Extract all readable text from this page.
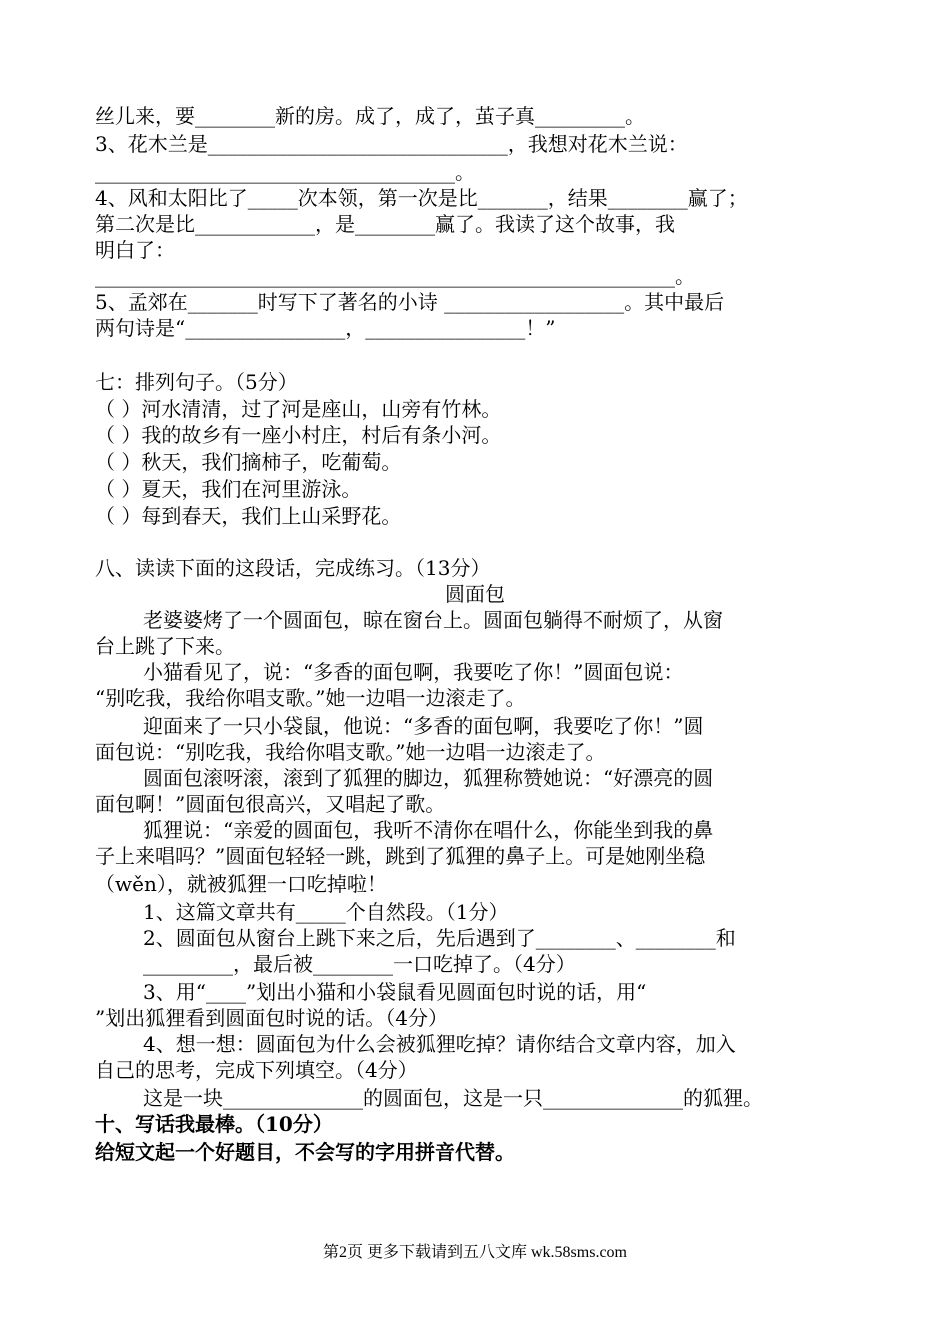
丝儿来，要________新的房。成了，成了，茧子真_________。
3、花木兰是______________________________，我想对花木兰说：
____________________________________。
4、风和太阳比了_____次本领，第一次是比_______，结果________赢了；
第二次是比____________，是________赢了。我读了这个故事，我
明白了：
__________________________________________________________。
5、孟郊在_______时写下了著名的小诗 __________________。其中最后
两句诗是“________________，________________！”
七：排列句子。（5分）
（ ）河水清清，过了河是座山，山旁有竹林。
（ ）我的故乡有一座小村庄，村后有条小河。
（ ）秋天，我们摘柿子，吃葡萄。
（ ）夏天，我们在河里游泳。
（ ）每到春天，我们上山采野花。
八、读读下面的这段话，完成练习。（13分）
圆面包
老婆婆烤了一个圆面包，晾在窗台上。圆面包躺得不耐烦了，从窗
台上跳了下来。
小猫看见了，说：“多香的面包啊，我要吃了你！”圆面包说：
“别吃我，我给你唱支歌。”她一边唱一边滚走了。
迎面来了一只小袋鼠，他说：“多香的面包啊，我要吃了你！”圆
面包说：“别吃我，我给你唱支歌。”她一边唱一边滚走了。
圆面包滚呀滚，滚到了狐狸的脚边，狐狸称赞她说：“好漂亮的圆
面包啊！”圆面包很高兴，又唱起了歌。
狐狸说：“亲爱的圆面包，我听不清你在唱什么，你能坐到我的鼻
子上来唱吗？”圆面包轻轻一跳，跳到了狐狸的鼻子上。可是她刚坐稳
（wěn），就被狐狸一口吃掉啦！
1、这篇文章共有_____个自然段。（1分）
2、圆面包从窗台上跳下来之后，先后遇到了________、________和
_________，最后被________一口吃掉了。（4分）
3、用“____”划出小猫和小袋鼠看见圆面包时说的话，用“
”划出狐狸看到圆面包时说的话。（4分）
4、想一想：圆面包为什么会被狐狸吃掉？请你结合文章内容，加入
自己的思考，完成下列填空。（4分）
这是一块______________的圆面包，这是一只______________的狐狸。
十、写话我最棒。（10分）
给短文起一个好题目，不会写的字用拼音代替。
第2页 更多下载请到五八文库 wk.58sms.com
